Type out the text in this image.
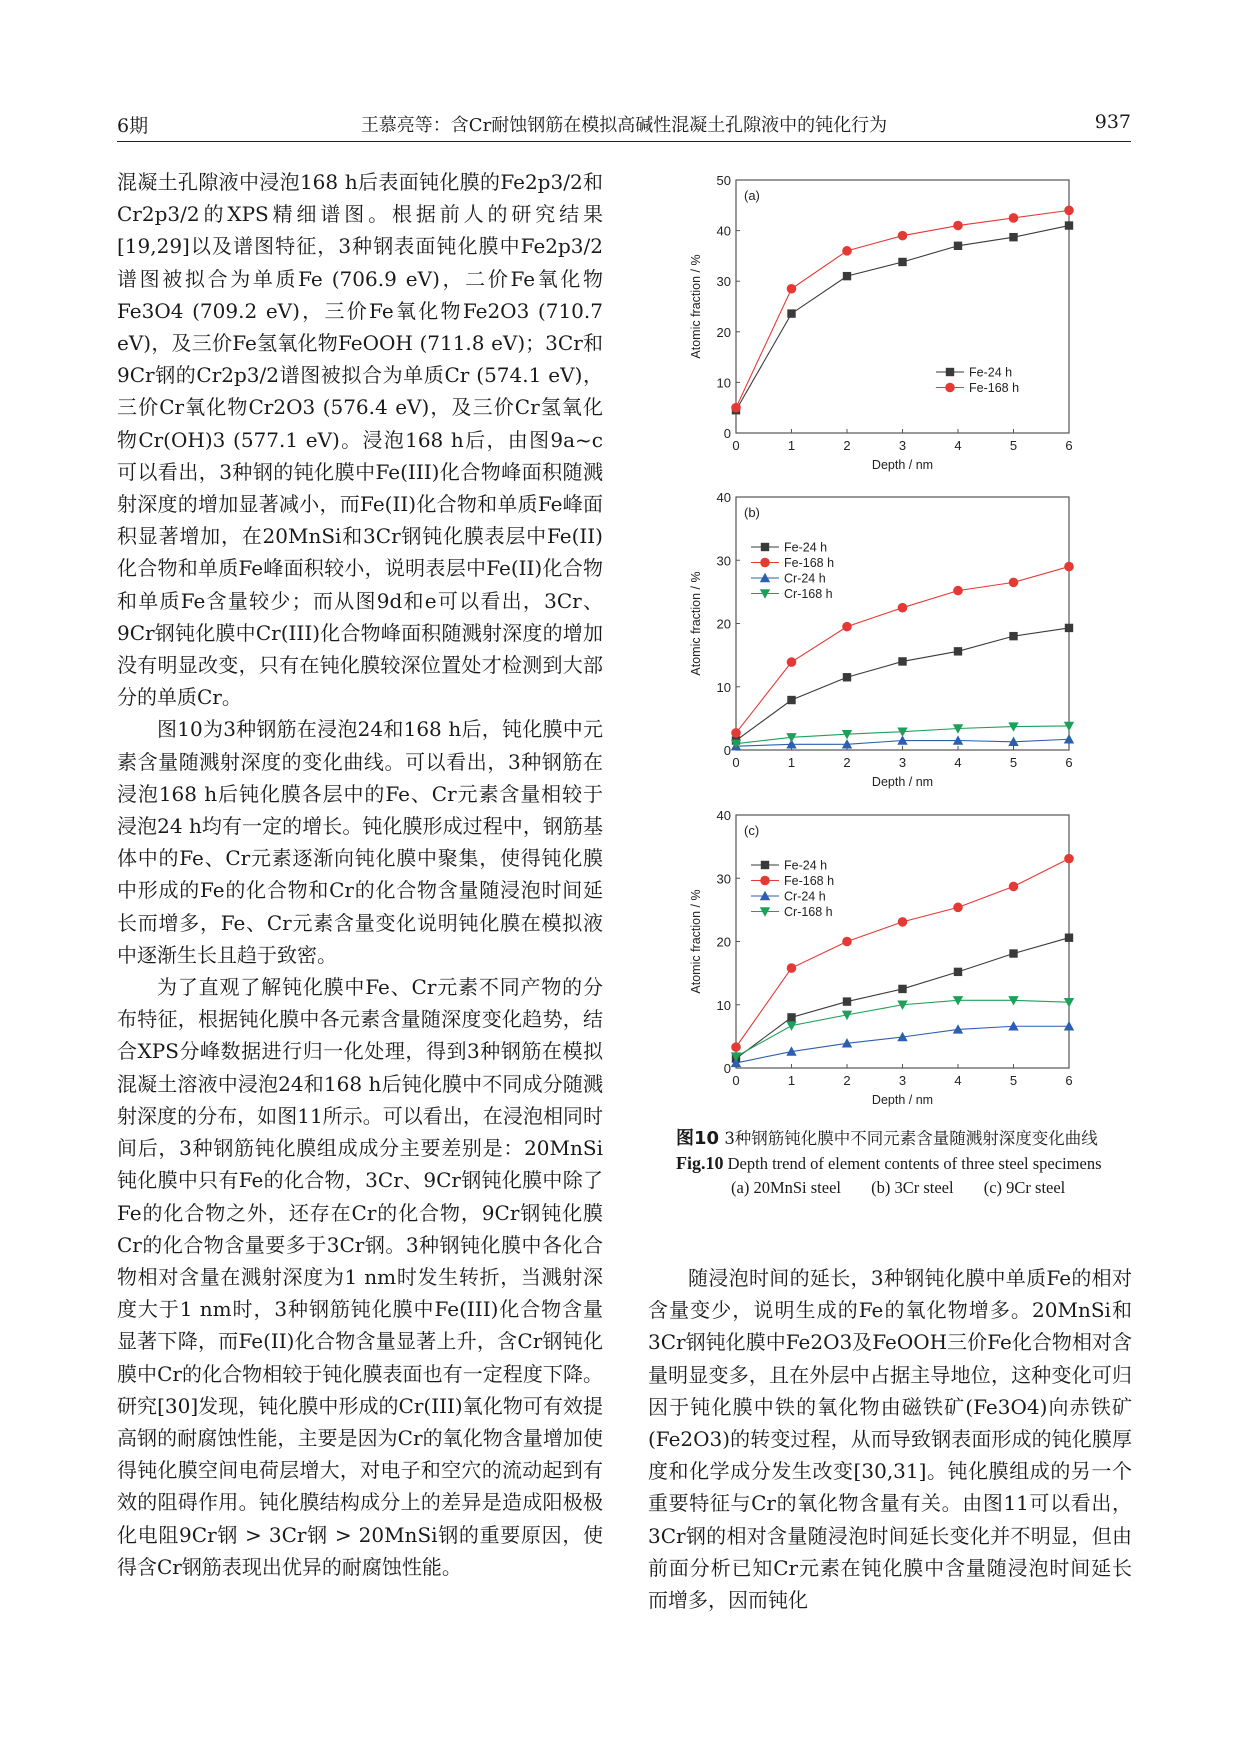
6期	王慕亮等：含Cr耐蚀钢筋在模拟高碱性混凝土孔隙液中的钝化行为	937

混凝土孔隙液中浸泡168 h后表面钝化膜的Fe2p3/2和Cr2p3/2的XPS精细谱图。根据前人的研究结果[19,29]以及谱图特征，3种钢表面钝化膜中Fe2p3/2谱图被拟合为单质Fe (706.9 eV)，二价Fe氧化物Fe3O4 (709.2 eV)，三价Fe氧化物Fe2O3 (710.7 eV)，及三价Fe氢氧化物FeOOH (711.8 eV)；3Cr和9Cr钢的Cr2p3/2谱图被拟合为单质Cr (574.1 eV)，三价Cr氧化物Cr2O3 (576.4 eV)，及三价Cr氢氧化物Cr(OH)3 (577.1 eV)。浸泡168 h后，由图9a~c可以看出，3种钢的钝化膜中Fe(III)化合物峰面积随溅射深度的增加显著减小，而Fe(II)化合物和单质Fe峰面积显著增加，在20MnSi和3Cr钢钝化膜表层中Fe(II)化合物和单质Fe峰面积较小，说明表层中Fe(II)化合物和单质Fe含量较少；而从图9d和e可以看出，3Cr、9Cr钢钝化膜中Cr(III)化合物峰面积随溅射深度的增加没有明显改变，只有在钝化膜较深位置处才检测到大部分的单质Cr。

图10为3种钢筋在浸泡24和168 h后，钝化膜中元素含量随溅射深度的变化曲线。可以看出，3种钢筋在浸泡168 h后钝化膜各层中的Fe、Cr元素含量相较于浸泡24 h均有一定的增长。钝化膜形成过程中，钢筋基体中的Fe、Cr元素逐渐向钝化膜中聚集，使得钝化膜中形成的Fe的化合物和Cr的化合物含量随浸泡时间延长而增多，Fe、Cr元素含量变化说明钝化膜在模拟液中逐渐生长且趋于致密。

为了直观了解钝化膜中Fe、Cr元素不同产物的分布特征，根据钝化膜中各元素含量随深度变化趋势，结合XPS分峰数据进行归一化处理，得到3种钢筋在模拟混凝土溶液中浸泡24和168 h后钝化膜中不同成分随溅射深度的分布，如图11所示。可以看出，在浸泡相同时间后，3种钢筋钝化膜组成成分主要差别是：20MnSi钝化膜中只有Fe的化合物，3Cr、9Cr钢钝化膜中除了Fe的化合物之外，还存在Cr的化合物，9Cr钢钝化膜Cr的化合物含量要多于3Cr钢。3种钢钝化膜中各化合物相对含量在溅射深度为1 nm时发生转折，当溅射深度大于1 nm时，3种钢筋钝化膜中Fe(III)化合物含量显著下降，而Fe(II)化合物含量显著上升，含Cr钢钝化膜中Cr的化合物相较于钝化膜表面也有一定程度下降。研究[30]发现，钝化膜中形成的Cr(III)氧化物可有效提高钢的耐腐蚀性能，主要是因为Cr的氧化物含量增加使得钝化膜空间电荷层增大，对电子和空穴的流动起到有效的阻碍作用。钝化膜结构成分上的差异是造成阳极极化电阻9Cr钢 > 3Cr钢 > 20MnSi钢的重要原因，使得含Cr钢筋表现出优异的耐腐蚀性能。

0
10
20
30
40
50
0	1	2	3	4	5	6
Depth / nm
Atomic fraction / %
(a)
Fe-24 h
Fe-168 h
0
10
20
30
40
0	1	2	3	4	5	6
Depth / nm
Atomic fraction / %
(b)
Fe-24 h
Fe-168 h
Cr-24 h
Cr-168 h
0
10
20
30
40
0	1	2	3	4	5	6
Depth / nm
Atomic fraction / %
(c)
Fe-24 h
Fe-168 h
Cr-24 h
Cr-168 h
图10 3种钢筋钝化膜中不同元素含量随溅射深度变化曲线
Fig.10 Depth trend of element contents of three steel specimens
(a) 20MnSi steel (b) 3Cr steel (c) 9Cr steel

随浸泡时间的延长，3种钢钝化膜中单质Fe的相对含量变少，说明生成的Fe的氧化物增多。20MnSi和3Cr钢钝化膜中Fe2O3及FeOOH三价Fe化合物相对含量明显变多，且在外层中占据主导地位，这种变化可归因于钝化膜中铁的氧化物由磁铁矿(Fe3O4)向赤铁矿(Fe2O3)的转变过程，从而导致钢表面形成的钝化膜厚度和化学成分发生改变[30,31]。钝化膜组成的另一个重要特征与Cr的氧化物含量有关。由图11可以看出，3Cr钢的相对含量随浸泡时间延长变化并不明显，但由前面分析已知Cr元素在钝化膜中含量随浸泡时间延长而增多，因而钝化
